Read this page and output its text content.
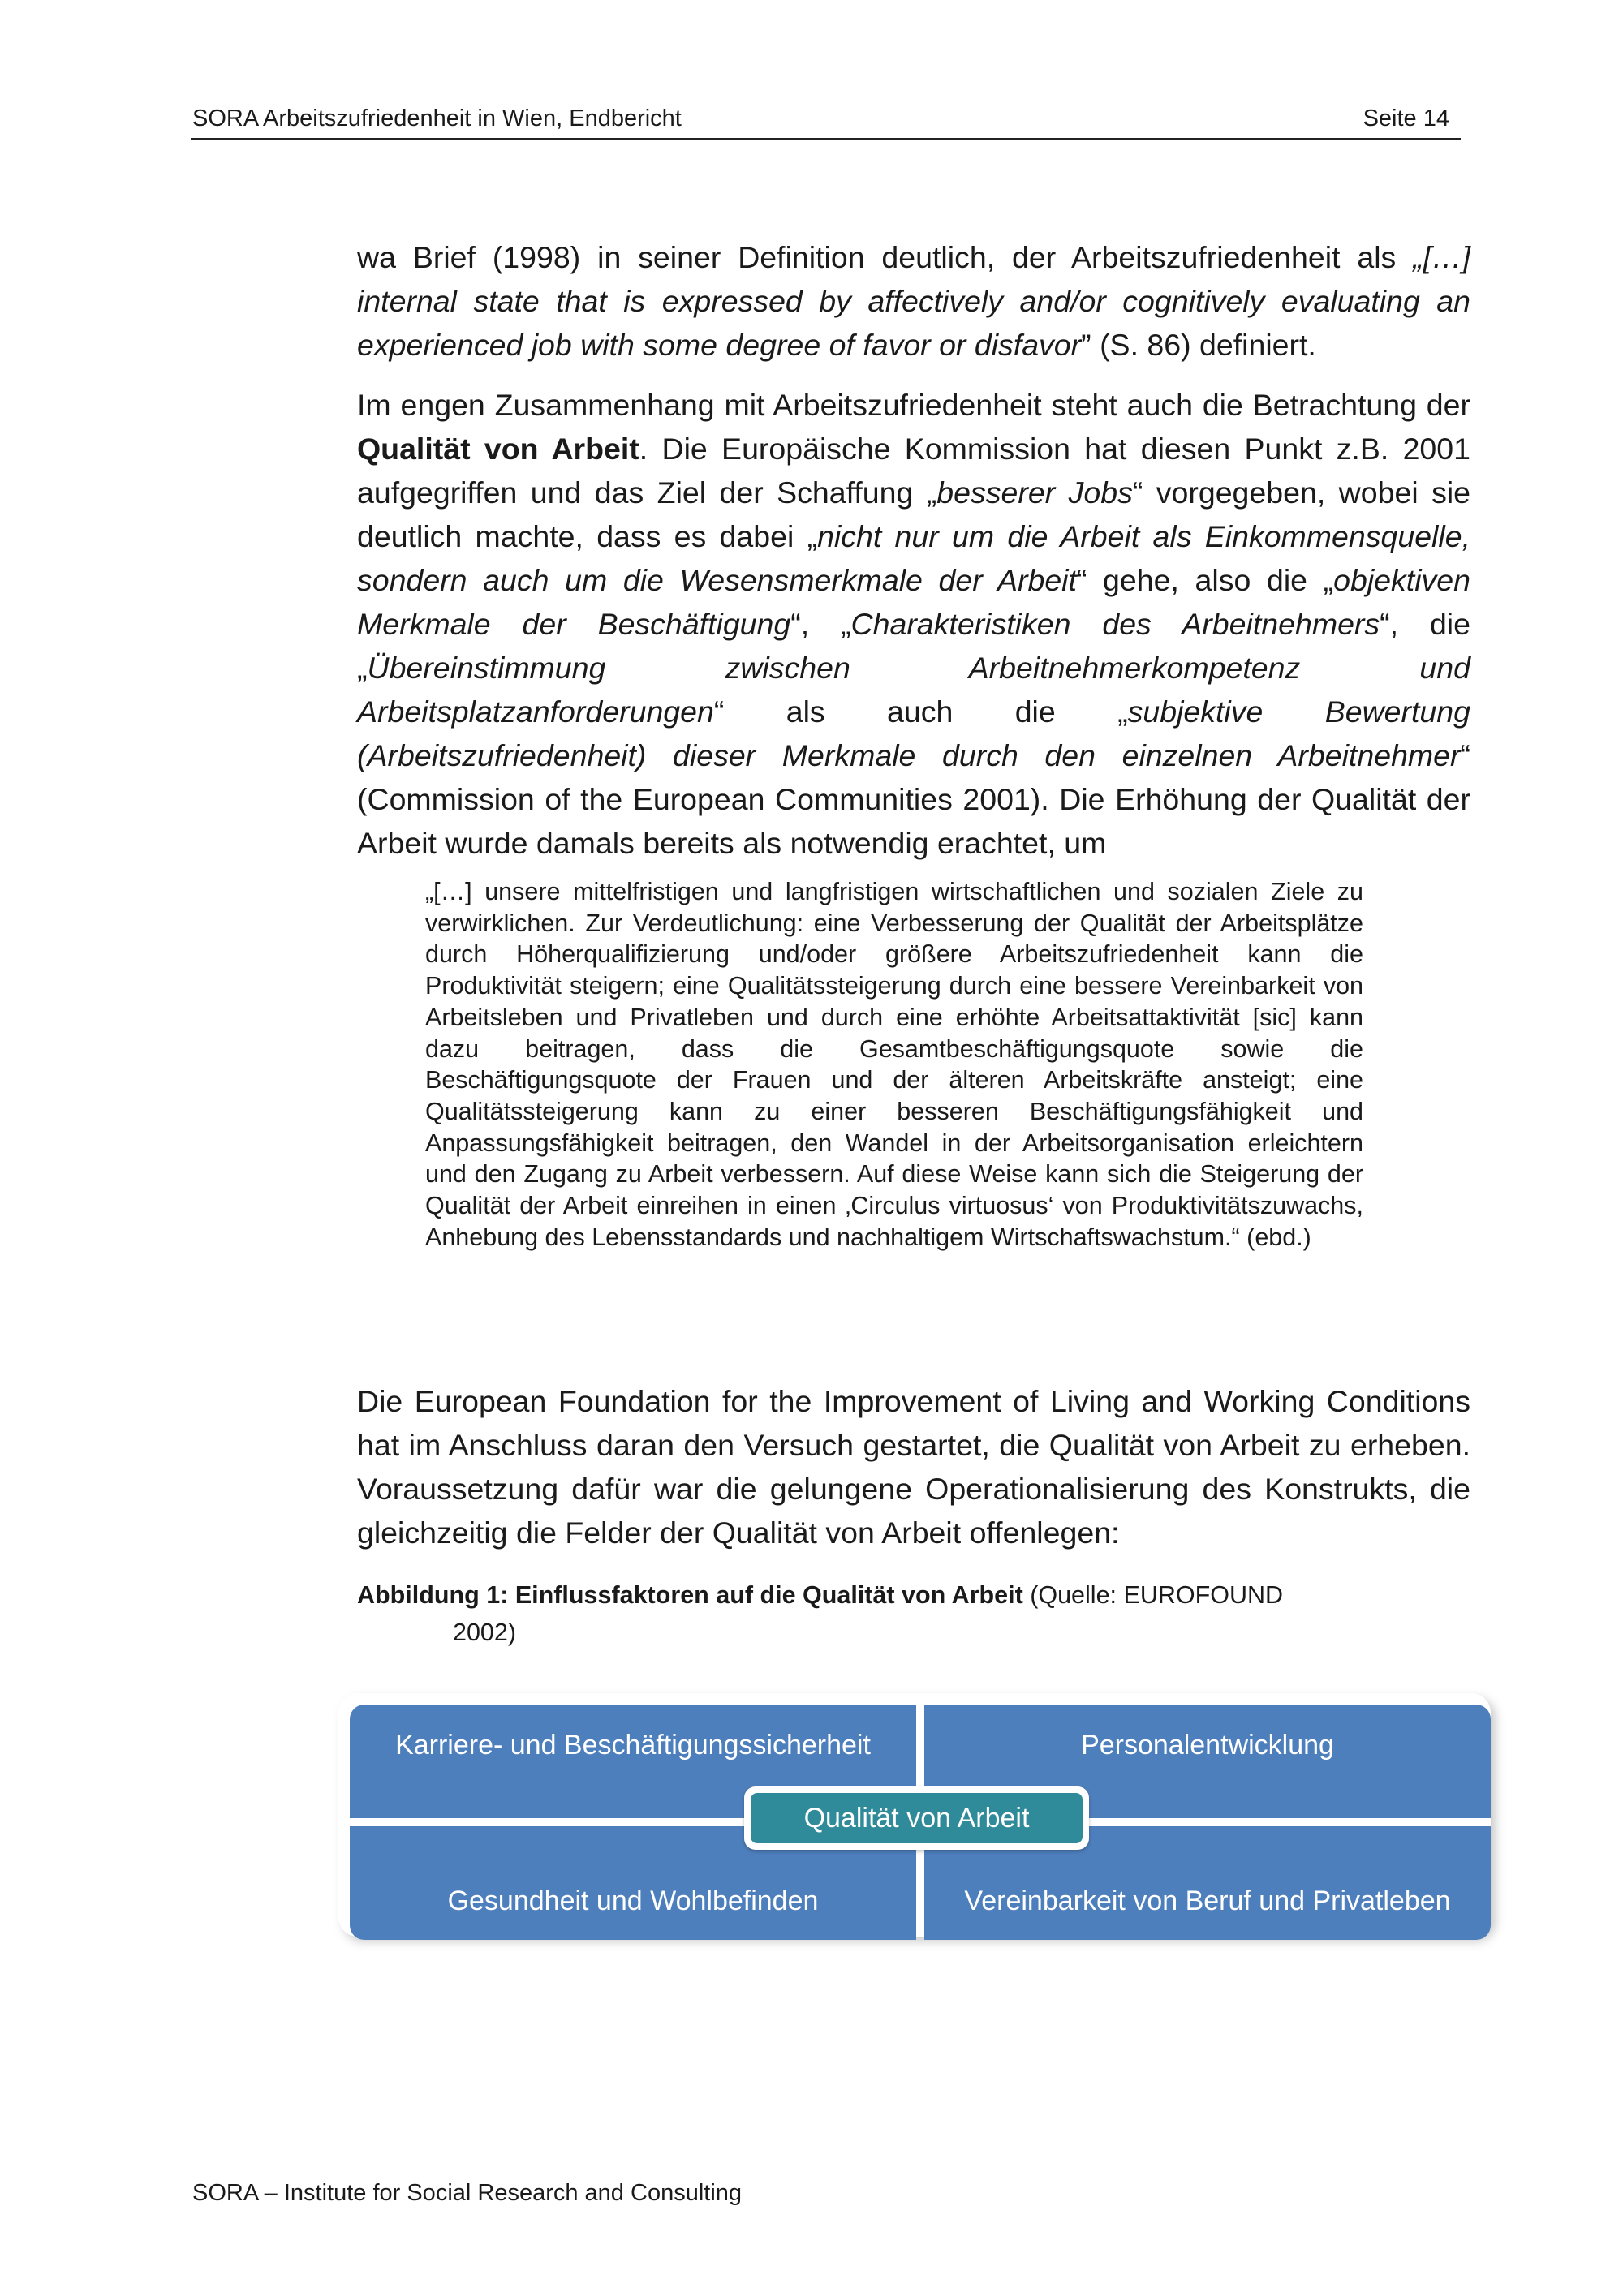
SORA Arbeitszufriedenheit in Wien, Endbericht	Seite 14

wa Brief (1998) in seiner Definition deutlich, der Arbeitszufriedenheit als „[…] internal state that is expressed by affectively and/or cognitively evaluating an experienced job with some degree of favor or disfavor” (S. 86) definiert.

Im engen Zusammenhang mit Arbeitszufriedenheit steht auch die Betrachtung der Qualität von Arbeit. Die Europäische Kommission hat diesen Punkt z.B. 2001 aufgegriffen und das Ziel der Schaffung „besserer Jobs“ vorgegeben, wobei sie deutlich machte, dass es dabei „nicht nur um die Arbeit als Einkommensquelle, sondern auch um die Wesensmerkmale der Arbeit“ gehe, also die „objektiven Merkmale der Beschäftigung“, „Charakteristiken des Arbeitnehmers“, die „Übereinstimmung zwischen Arbeitnehmerkompetenz und Arbeitsplatzanforderungen“ als auch die „subjektive Bewertung (Arbeitszufriedenheit) dieser Merkmale durch den einzelnen Arbeitnehmer“ (Commission of the European Communities 2001). Die Erhöhung der Qualität der Arbeit wurde damals bereits als notwendig erachtet, um

„[…] unsere mittelfristigen und langfristigen wirtschaftlichen und sozialen Ziele zu verwirklichen. Zur Verdeutlichung: eine Verbesserung der Qualität der Arbeitsplätze durch Höherqualifizierung und/oder größere Arbeitszufriedenheit kann die Produktivität steigern; eine Qualitätssteigerung durch eine bessere Vereinbarkeit von Arbeitsleben und Privatleben und durch eine erhöhte Arbeitsattaktivität [sic] kann dazu beitragen, dass die Gesamtbeschäftigungsquote sowie die Beschäftigungsquote der Frauen und der älteren Arbeitskräfte ansteigt; eine Qualitätssteigerung kann zu einer besseren Beschäftigungsfähigkeit und Anpassungsfähigkeit beitragen, den Wandel in der Arbeitsorganisation erleichtern und den Zugang zu Arbeit verbessern. Auf diese Weise kann sich die Steigerung der Qualität der Arbeit einreihen in einen ‚Circulus virtuosus‘ von Produktivitätszuwachs, Anhebung des Lebensstandards und nachhaltigem Wirtschaftswachstum.“ (ebd.)

Die European Foundation for the Improvement of Living and Working Conditions hat im Anschluss daran den Versuch gestartet, die Qualität von Arbeit zu erheben. Voraussetzung dafür war die gelungene Operationalisierung des Konstrukts, die gleichzeitig die Felder der Qualität von Arbeit offenlegen:

Abbildung 1: Einflussfaktoren auf die Qualität von Arbeit (Quelle: EUROFOUND
2002)
Karriere- und Beschäftigungssicherheit	Personalentwicklung
Gesundheit und Wohlbefinden	Vereinbarkeit von Beruf und Privatleben
Qualität von Arbeit
SORA – Institute for Social Research and Consulting
